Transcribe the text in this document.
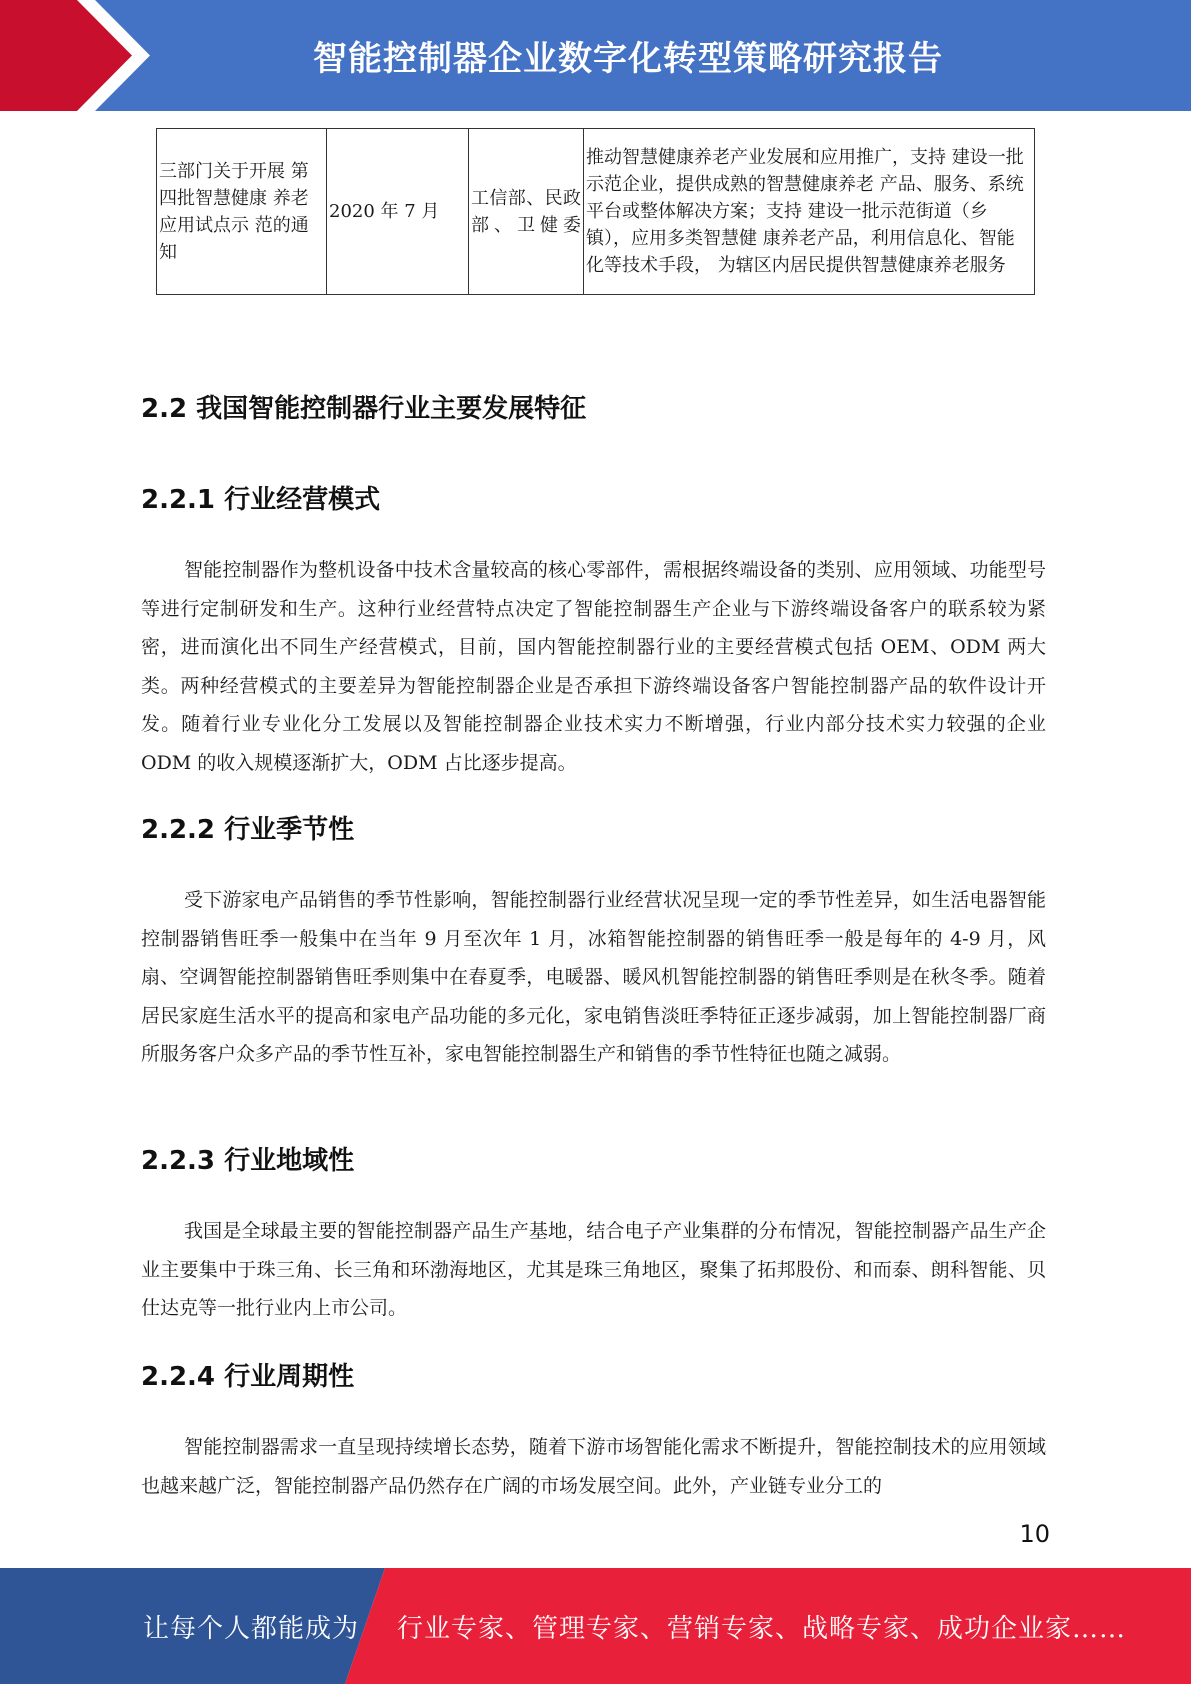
智能控制器企业数字化转型策略研究报告
三部门关于开展 第四批智慧健康 养老应用试点示 范的通知	2020 年 7 月	工信部、民政部、卫健委	推动智慧健康养老产业发展和应用推广，支持 建设一批示范企业，提供成熟的智慧健康养老 产品、服务、系统平台或整体解决方案；支持 建设一批示范街道（乡镇），应用多类智慧健 康养老产品，利用信息化、智能化等技术手段， 为辖区内居民提供智慧健康养老服务
2.2 我国智能控制器行业主要发展特征
2.2.1 行业经营模式

智能控制器作为整机设备中技术含量较高的核心零部件，需根据终端设备的类别、应用领域、功能型号等进行定制研发和生产。这种行业经营特点决定了智能控制器生产企业与下游终端设备客户的联系较为紧密，进而演化出不同生产经营模式，目前，国内智能控制器行业的主要经营模式包括 OEM、ODM 两大类。两种经营模式的主要差异为智能控制器企业是否承担下游终端设备客户智能控制器产品的软件设计开发。随着行业专业化分工发展以及智能控制器企业技术实力不断增强，行业内部分技术实力较强的企业 ODM 的收入规模逐渐扩大，ODM 占比逐步提高。

2.2.2 行业季节性

受下游家电产品销售的季节性影响，智能控制器行业经营状况呈现一定的季节性差异，如生活电器智能控制器销售旺季一般集中在当年 9 月至次年 1 月，冰箱智能控制器的销售旺季一般是每年的 4-9 月，风扇、空调智能控制器销售旺季则集中在春夏季，电暖器、暖风机智能控制器的销售旺季则是在秋冬季。随着居民家庭生活水平的提高和家电产品功能的多元化，家电销售淡旺季特征正逐步减弱，加上智能控制器厂商所服务客户众多产品的季节性互补，家电智能控制器生产和销售的季节性特征也随之减弱。

2.2.3 行业地域性

我国是全球最主要的智能控制器产品生产基地，结合电子产业集群的分布情况，智能控制器产品生产企业主要集中于珠三角、长三角和环渤海地区，尤其是珠三角地区，聚集了拓邦股份、和而泰、朗科智能、贝仕达克等一批行业内上市公司。

2.2.4 行业周期性

智能控制器需求一直呈现持续增长态势，随着下游市场智能化需求不断提升，智能控制技术的应用领域也越来越广泛，智能控制器产品仍然存在广阔的市场发展空间。此外，产业链专业分工的

10
让每个人都能成为 行业专家、管理专家、营销专家、战略专家、成功企业家……
